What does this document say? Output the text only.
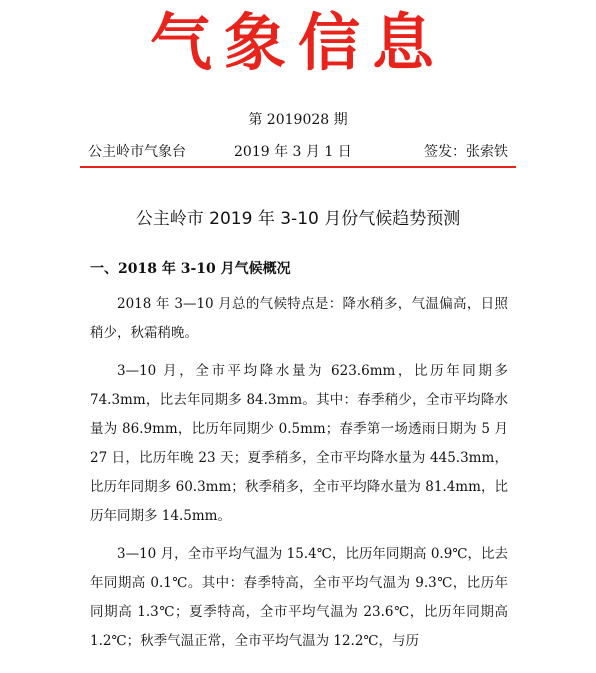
气象信息
第 2019028 期
公主岭市气象台	2019 年 3 月 1 日	签发：张索铁
公主岭市 2019 年 3-10 月份气候趋势预测
一、2018 年 3-10 月气候概况

2018 年 3—10 月总的气候特点是：降水稍多，气温偏高，日照稍少，秋霜稍晚。

3—10 月，全市平均降水量为 623.6mm，比历年同期多 74.3mm，比去年同期多 84.3mm。其中：春季稍少，全市平均降水量为 86.9mm，比历年同期少 0.5mm；春季第一场透雨日期为 5 月 27 日，比历年晚 23 天；夏季稍多，全市平均降水量为 445.3mm，比历年同期多 60.3mm；秋季稍多，全市平均降水量为 81.4mm，比历年同期多 14.5mm。

3—10 月，全市平均气温为 15.4℃，比历年同期高 0.9℃，比去年同期高 0.1℃。其中：春季特高，全市平均气温为 9.3℃，比历年同期高 1.3℃；夏季特高，全市平均气温为 23.6℃，比历年同期高 1.2℃；秋季气温正常，全市平均气温为 12.2℃，与历
